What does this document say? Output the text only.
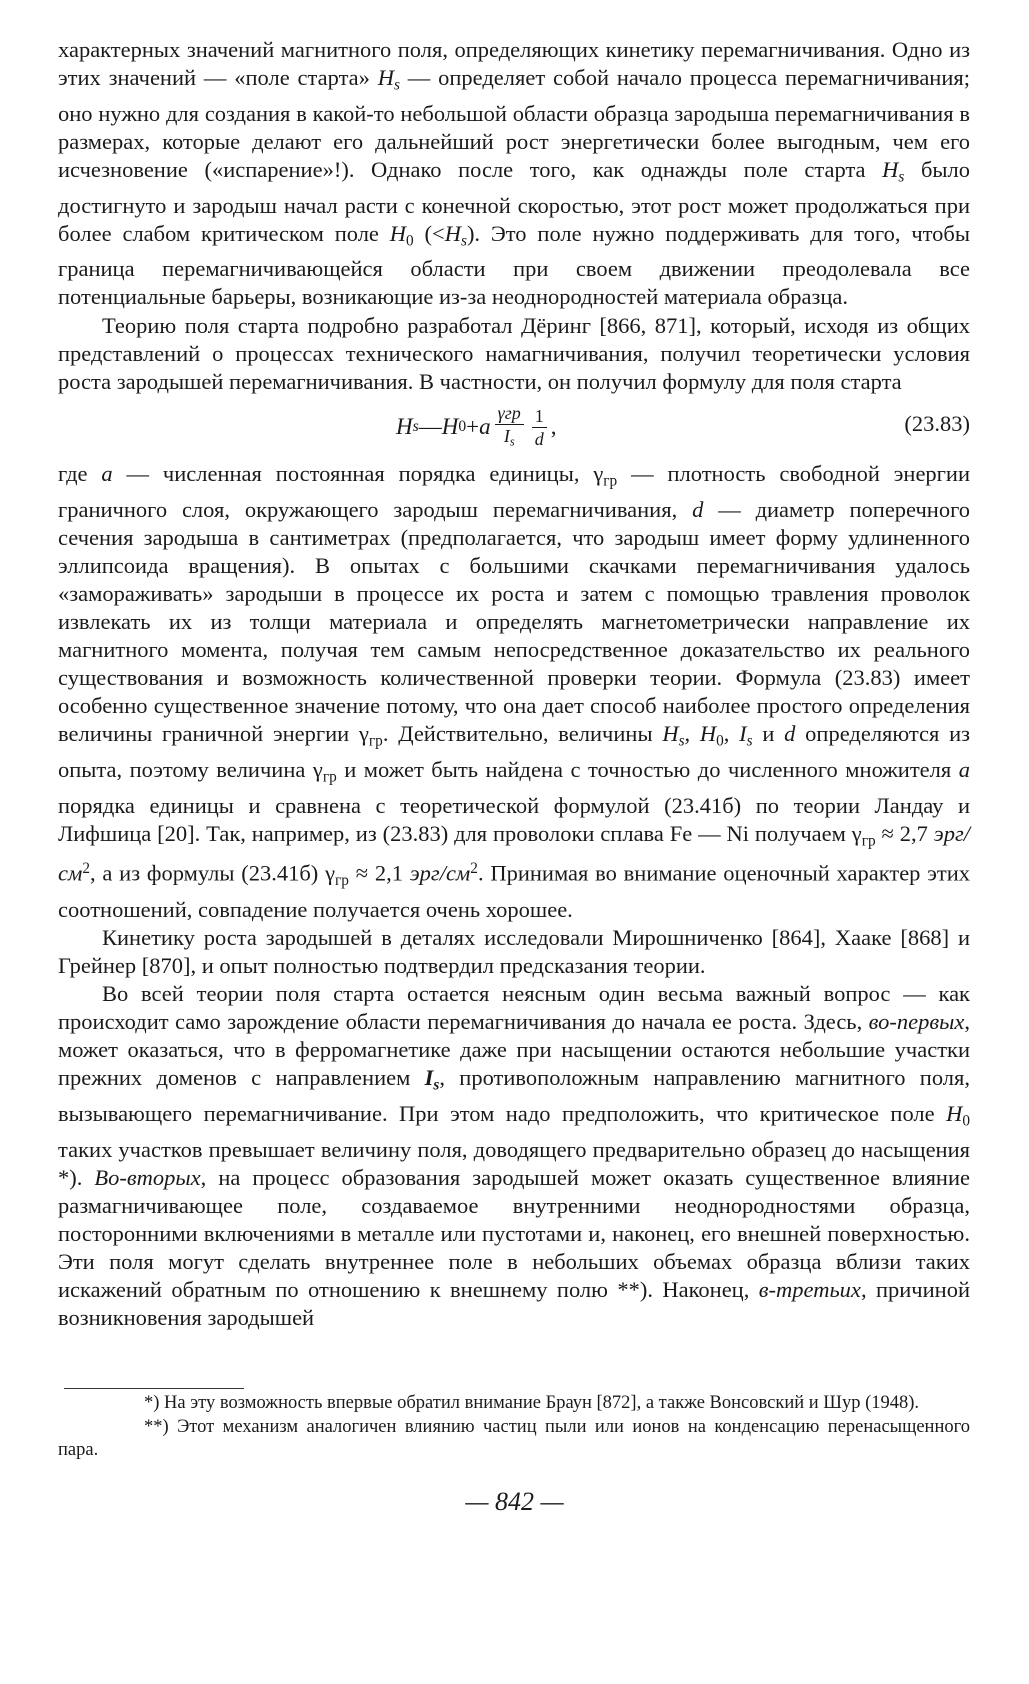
характерных значений магнитного поля, определяющих кинетику перемагничивания. Одно из этих значений — «поле старта» $H_s$ — определяет собой начало процесса перемагничивания; оно нужно для создания в какой-то небольшой области образца зародыша перемагничивания в размерах, которые делают его дальнейший рост энергетически более выгодным, чем его исчезновение («испарение»!). Однако после того, как однажды поле старта $H_s$ было достигнуто и зародыш начал расти с конечной скоростью, этот рост может продолжаться при более слабом критическом поле $H_0$ $(<H_s)$. Это поле нужно поддерживать для того, чтобы граница перемагничивающейся области при своем движении преодолевала все потенциальные барьеры, возникающие из-за неоднородностей материала образца.

Теорию поля старта подробно разработал Дёринг [866, 871], который, исходя из общих представлений о процессах технического намагничивания, получил теоретически условия роста зародышей перемагничивания. В частности, он получил формулу для поля старта

H s — H 0 + a $\frac{\text{γгр}}{I_s} \frac{1}{d}$ ,	(23.83)

где a — численная постоянная порядка единицы, $\gamma_{гр}$ — плотность свободной энергии граничного слоя, окружающего зародыш перемагничивания, d — диаметр поперечного сечения зародыша в сантиметрах (предполагается, что зародыш имеет форму удлиненного эллипсоида вращения). В опытах с большими скачками перемагничивания удалось «замораживать» зародыши в процессе их роста и затем с помощью травления проволок извлекать их из толщи материала и определять магнетометрически направление их магнитного момента, получая тем самым непосредственное доказательство их реального существования и возможность количественной проверки теории. Формула (23.83) имеет особенно существенное значение потому, что она дает способ наиболее простого определения величины граничной энергии $\gamma_{гр}$. Действительно, величины $H_s$, $H_0$, $I_s$ и d определяются из опыта, поэтому величина $\gamma_{гр}$ и может быть найдена с точностью до численного множителя a порядка единицы и сравнена с теоретической формулой (23.41б) по теории Ландау и Лифшица [20]. Так, например, из (23.83) для проволоки сплава Fe — Ni получаем $\gamma_{гр} \approx 2,7$ эрг/$см^2$, а из формулы (23.41б) $\gamma_{гр} \approx 2,1$ эрг/$см^2$. Принимая во внимание оценочный характер этих соотношений, совпадение получается очень хорошее.

Кинетику роста зародышей в деталях исследовали Мирошниченко [864], Хааке [868] и Грейнер [870], и опыт полностью подтвердил предсказания теории.

Во всей теории поля старта остается неясным один весьма важный вопрос — как происходит само зарождение области перемагничивания до начала ее роста. Здесь, во-первых, может оказаться, что в ферромагнетике даже при насыщении остаются небольшие участки прежних доменов с направлением $I_s$, противоположным направлению магнитного поля, вызывающего перемагничивание. При этом надо предположить, что критическое поле $H_0$ таких участков превышает величину поля, доводящего предварительно образец до насыщения *). Во-вторых, на процесс образования зародышей может оказать существенное влияние размагничивающее поле, создаваемое внутренними неоднородностями образца, посторонними включениями в металле или пустотами и, наконец, его внешней поверхностью. Эти поля могут сделать внутреннее поле в небольших объемах образца вблизи таких искажений обратным по отношению к внешнему полю **). Наконец, в-третьих, причиной возникновения зародышей

*) На эту возможность впервые обратил внимание Браун [872], а также Вонсовский и Шур (1948).

**) Этот механизм аналогичен влиянию частиц пыли или ионов на конденсацию перенасыщенного пара.

— 842 —
